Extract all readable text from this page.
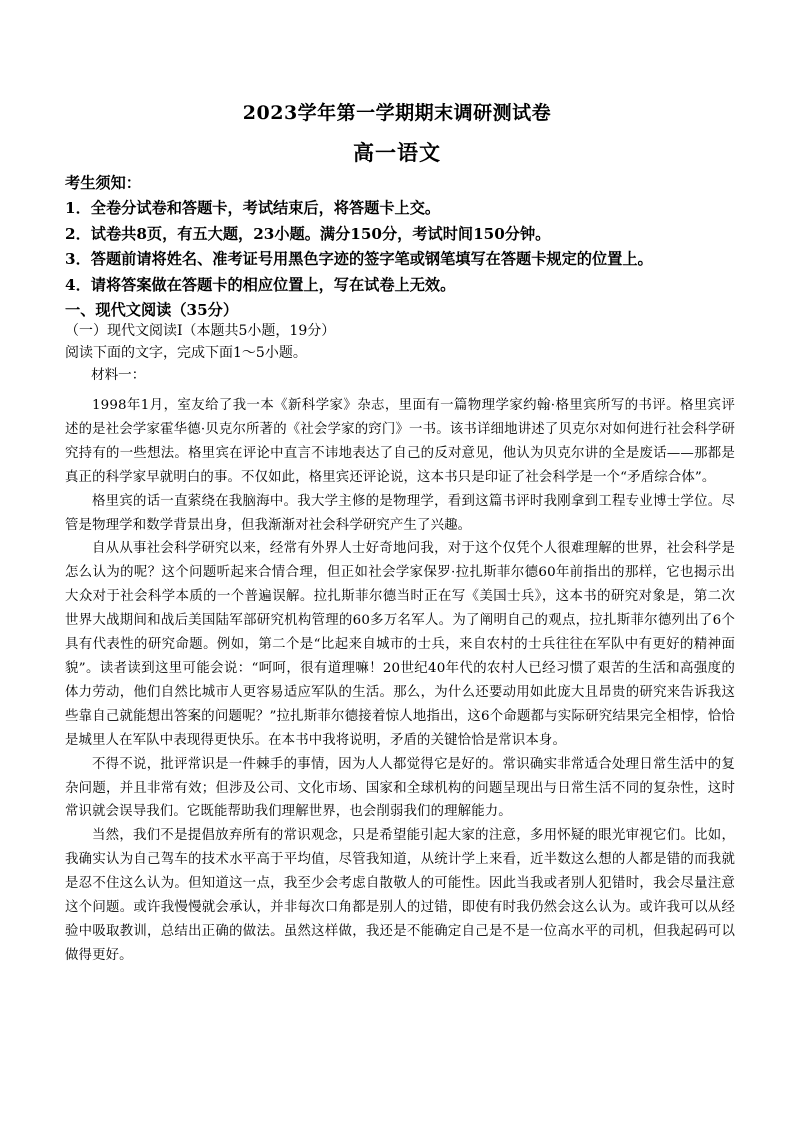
2023学年第一学期期末调研测试卷
高一语文
考生须知：
1．全卷分试卷和答题卡，考试结束后，将答题卡上交。
2．试卷共8页，有五大题，23小题。满分150分，考试时间150分钟。
3．答题前请将姓名、准考证号用黑色字迹的签字笔或钢笔填写在答题卡规定的位置上。
4．请将答案做在答题卡的相应位置上，写在试卷上无效。
一、现代文阅读（35分）
（一）现代文阅读Ⅰ（本题共5小题，19分）
阅读下面的文字，完成下面1～5小题。
材料一：

1998年1月，室友给了我一本《新科学家》杂志，里面有一篇物理学家约翰·格里宾所写的书评。格里宾评述的是社会学家霍华德·贝克尔所著的《社会学家的窍门》一书。该书详细地讲述了贝克尔对如何进行社会科学研究持有的一些想法。格里宾在评论中直言不讳地表达了自己的反对意见，他认为贝克尔讲的全是废话——那都是真正的科学家早就明白的事。不仅如此，格里宾还评论说，这本书只是印证了社会科学是一个“矛盾综合体”。

格里宾的话一直萦绕在我脑海中。我大学主修的是物理学，看到这篇书评时我刚拿到工程专业博士学位。尽管是物理学和数学背景出身，但我渐渐对社会科学研究产生了兴趣。

自从从事社会科学研究以来，经常有外界人士好奇地问我，对于这个仅凭个人很难理解的世界，社会科学是怎么认为的呢？这个问题听起来合情合理，但正如社会学家保罗·拉扎斯菲尔德60年前指出的那样，它也揭示出大众对于社会科学本质的一个普遍误解。拉扎斯菲尔德当时正在写《美国士兵》，这本书的研究对象是，第二次世界大战期间和战后美国陆军部研究机构管理的60多万名军人。为了阐明自己的观点，拉扎斯菲尔德列出了6个具有代表性的研究命题。例如，第二个是“比起来自城市的士兵，来自农村的士兵往往在军队中有更好的精神面貌”。读者读到这里可能会说：“呵呵，很有道理嘛！20世纪40年代的农村人已经习惯了艰苦的生活和高强度的体力劳动，他们自然比城市人更容易适应军队的生活。那么，为什么还要动用如此庞大且昂贵的研究来告诉我这些靠自己就能想出答案的问题呢？”拉扎斯菲尔德接着惊人地指出，这6个命题都与实际研究结果完全相悖，恰恰是城里人在军队中表现得更快乐。在本书中我将说明，矛盾的关键恰恰是常识本身。

不得不说，批评常识是一件棘手的事情，因为人人都觉得它是好的。常识确实非常适合处理日常生活中的复杂问题，并且非常有效；但涉及公司、文化市场、国家和全球机构的问题呈现出与日常生活不同的复杂性，这时常识就会误导我们。它既能帮助我们理解世界，也会削弱我们的理解能力。

当然，我们不是提倡放弃所有的常识观念，只是希望能引起大家的注意，多用怀疑的眼光审视它们。比如，我确实认为自己驾车的技术水平高于平均值，尽管我知道，从统计学上来看，近半数这么想的人都是错的而我就是忍不住这么认为。但知道这一点，我至少会考虑自散敬人的可能性。因此当我或者别人犯错时，我会尽量注意这个问题。或许我慢慢就会承认，并非每次口角都是别人的过错，即使有时我仍然会这么认为。或许我可以从经验中吸取教训，总结出正确的做法。虽然这样做，我还是不能确定自己是不是一位高水平的司机，但我起码可以做得更好。
